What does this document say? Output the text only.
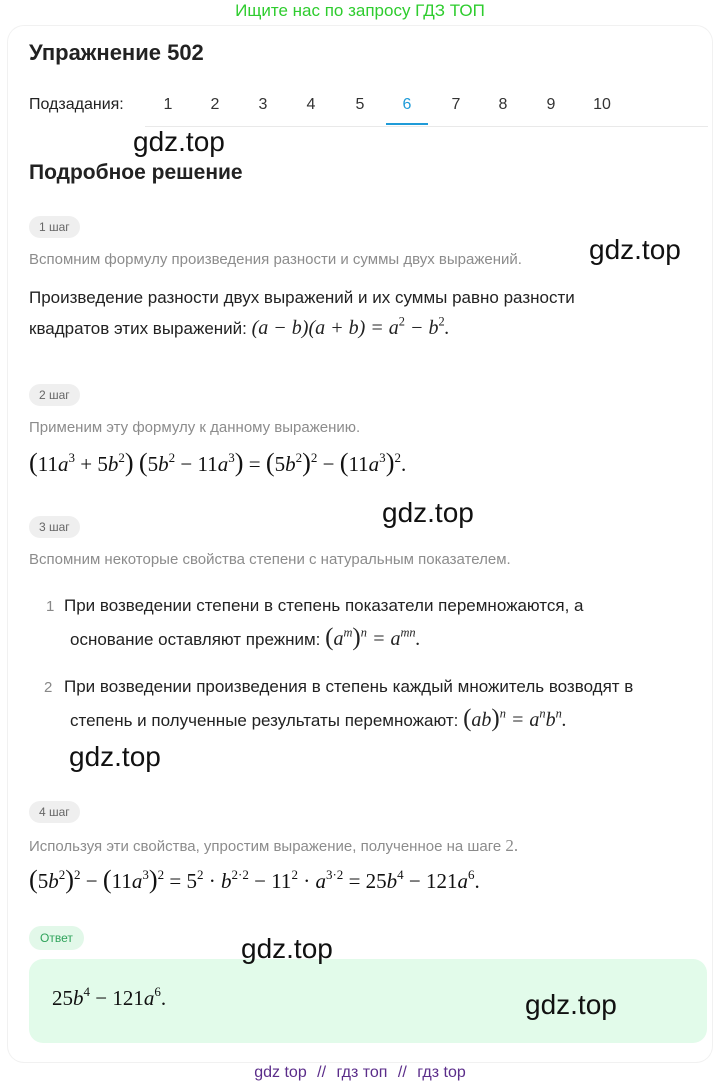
Ищите нас по запросу ГДЗ ТОП
Упражнение 502
Подзадания:	1	2	3	4	5	6	7	8	9	10
gdz.top
Подробное решение
1 шаг
Вспомним формулу произведения разности и суммы двух выражений. gdz.top
Произведение разности двух выражений и их суммы равно разности
квадратов этих выражений: $(a - b)(a + b) = a^2 - b^2$.
2 шаг
Применим эту формулу к данному выражению.
$(11a^3 + 5b^2) (5b^2 - 11a^3) = (5b^2)^2 - (11a^3)^2$.
gdz.top
3 шаг
Вспомним некоторые свойства степени с натуральным показателем.
1 При возведении степени в степень показатели перемножаются, а
основание оставляют прежним: $(a^m)^n = a^{mn}$.
2 При возведении произведения в степень каждый множитель возводят в
степень и полученные результаты перемножают: $(ab)^n = a^nb^n$.
gdz.top
4 шаг
Используя эти свойства, упростим выражение, полученное на шаге 2.
$(5b^2)^2 - (11a^3)^2 = 5^2 \cdot b^{2\cdot 2} - 11^2 \cdot a^{3\cdot 2} = 25b^4 - 121a^6$.
Ответ
$25b^4 - 121a^6$.
gdz.top
gdz.top
gdz top // гдз топ // гдз top
